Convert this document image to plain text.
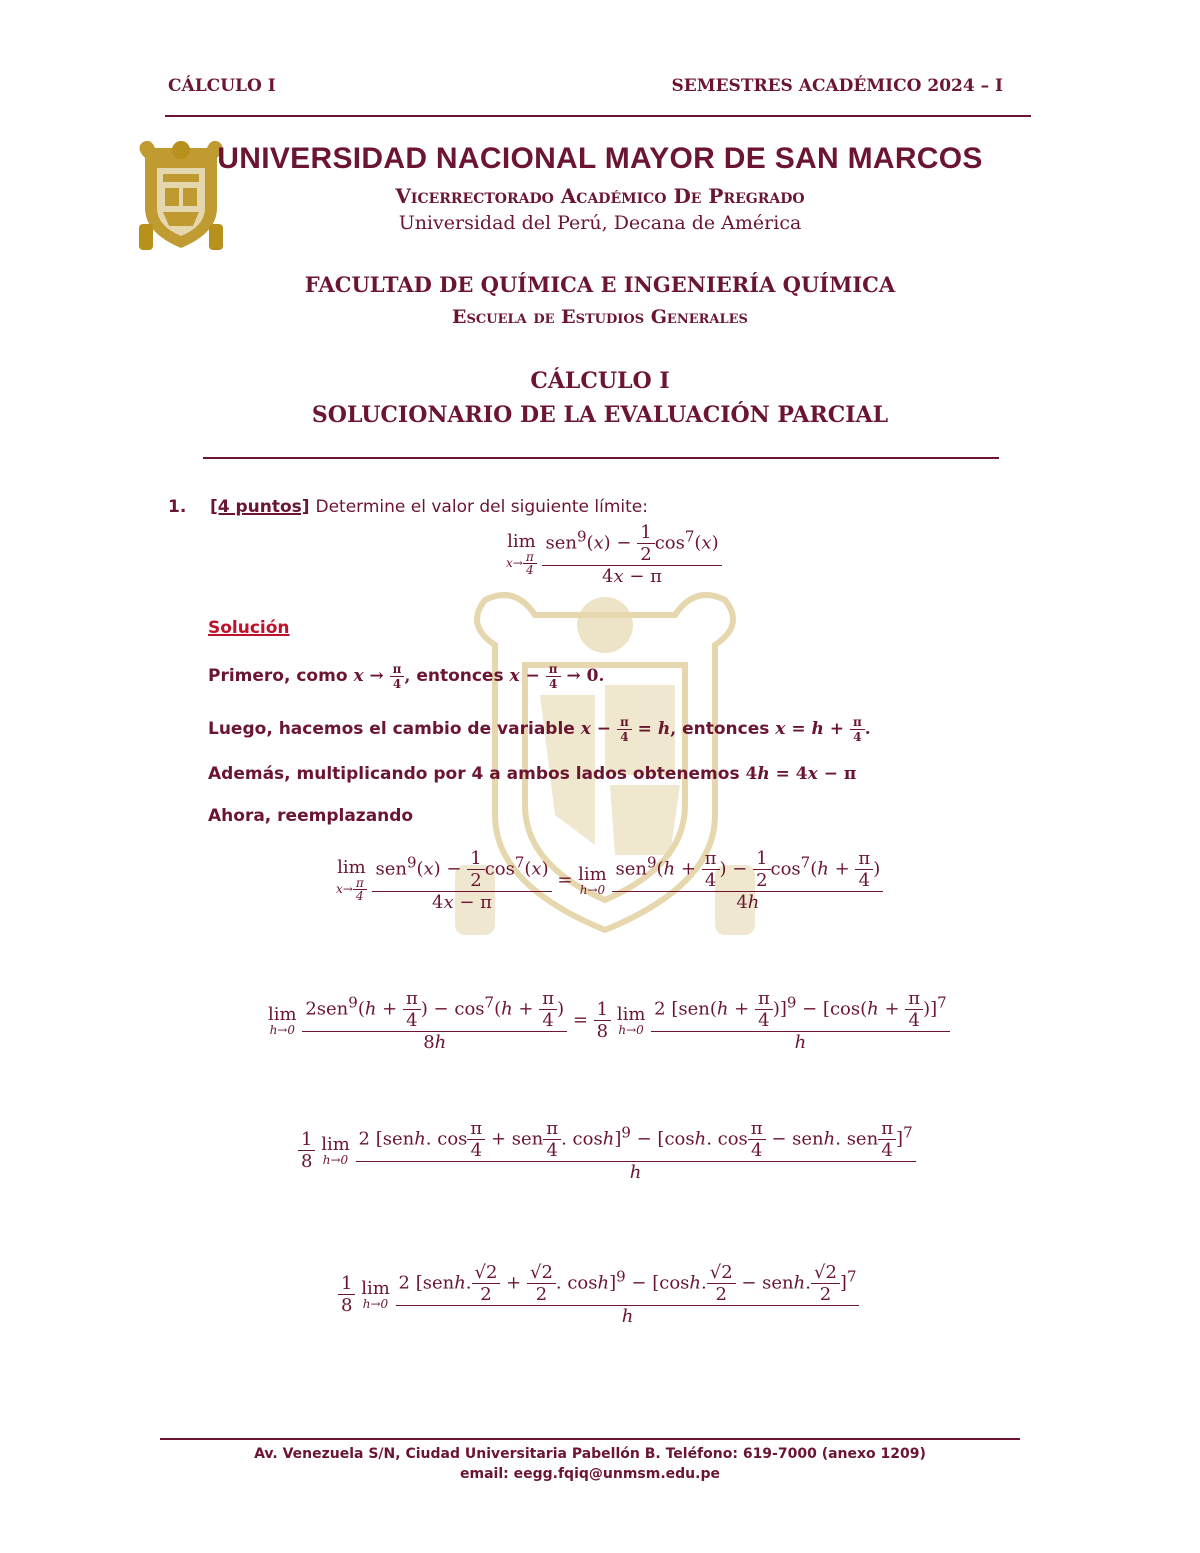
CÁLCULO I	SEMESTRES ACADÉMICO 2024 – I
UNIVERSIDAD NACIONAL MAYOR DE SAN MARCOS
Vicerrectorado Académico De Pregrado
Universidad del Perú, Decana de América
FACULTAD DE QUÍMICA E INGENIERÍA QUÍMICA
Escuela de Estudios Generales
CÁLCULO I
SOLUCIONARIO DE LA EVALUACIÓN PARCIAL
1. [4 puntos] Determine el valor del siguiente límite:
lim
$x\to \frac{\pi}{4}$
$\frac{sen^9(x) - \frac{1}{2} \cos^7(x)}{4x - \pi}$
Solución
Primero, como $x \to \frac{\pi}{4}$ , entonces $x - \frac{\pi}{4} \to 0$.
Luego, hacemos el cambio de variable $x - \frac{\pi}{4} = h$, entonces $x = h + \frac{\pi}{4}$ .
Además, multiplicando por 4 a ambos lados obtenemos 4h = 4x − π
Ahora, reemplazando
lim
$x\to \frac{\pi}{4}$
$\frac{sen^9(x) - \frac{1}{2} \cos^7(x)}{4x - \pi} = \lim$
h→0
$\frac{sen^9(h + \frac{\pi}{4} ) - \frac{1}{2} \cos^7(h + \frac{\pi}{4} )}{4h}$
lim
h→0
$\frac{2sen^9(h + \frac{\pi}{4} ) - \cos^7(h + \frac{\pi}{4} )}{8h} = \frac{1}{8}$ lim
h→0
$\frac{2 [sen(h + \frac{\pi}{4} )]^9 - [\cos(h + \frac{\pi}{4} )]^7}{h}$
$\frac{1}{8}$ lim
h→0

2 [senh. $\cos \frac{\pi}{4}$ + sen $\frac{\pi}{4}$ . cosh]$^9$ − [cosh. $\cos \frac{\pi}{4}$ − senh. sen $\frac{\pi}{4} ]^7$
h
$\frac{1}{8}$ lim
h→0
$\frac{2 [senh. \frac{√2}{2} + \frac{√2}{2} . \cosh]^9 - [\cosh. \frac{√2}{2} - senh. \frac{√2}{2} ]^7}{h}$
Av. Venezuela S/N, Ciudad Universitaria Pabellón B. Teléfono: 619-7000 (anexo 1209)
email: eegg.fqiq@unmsm.edu.pe
